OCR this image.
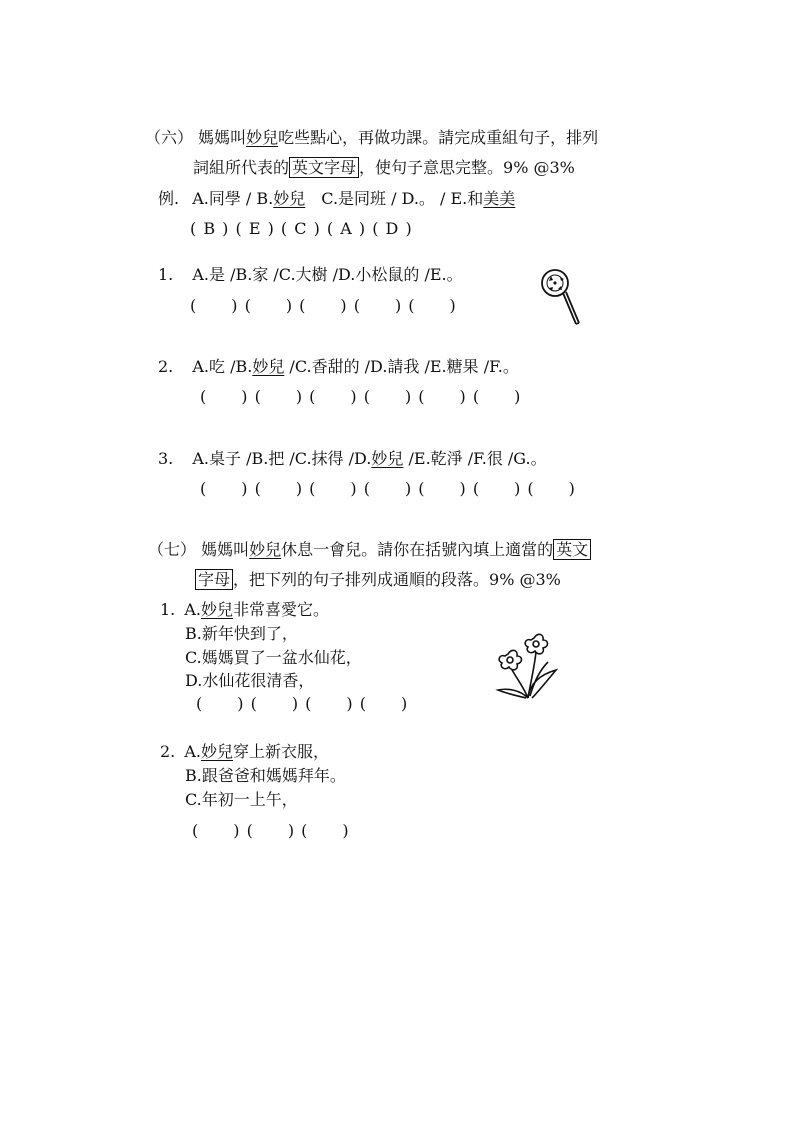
（六） 媽媽叫妙兒吃些點心，再做功課。請完成重組句子，排列
詞組所代表的 英文字母 ，使句子意思完整。9% @3%
例. A.同學 / B.妙兒　C.是同班 / D.。 / E.和美美
( B ) ( E ) ( C ) ( A ) ( D )
1. A.是 /B.家 /C.大樹 /D.小松鼠的 /E.。
(　　) (　　) (　　) (　　) (　　)
2. A.吃 /B.妙兒 /C.香甜的 /D.請我 /E.糖果 /F.。
(　　) (　　) (　　) (　　) (　　) (　　)
3. A.桌子 /B.把 /C.抹得 /D.妙兒 /E.乾淨 /F.很 /G.。
(　　) (　　) (　　) (　　) (　　) (　　) (　　)
（七） 媽媽叫妙兒休息一會兒。請你在括號內填上適當的 英文
字母 ，把下列的句子排列成通順的段落。9% @3%
1. A.妙兒非常喜愛它。
B.新年快到了，
C.媽媽買了一盆水仙花，
D.水仙花很清香，
(　　) (　　) (　　) (　　)
2. A.妙兒穿上新衣服，
B.跟爸爸和媽媽拜年。
C.年初一上午，
(　　) (　　) (　　)
